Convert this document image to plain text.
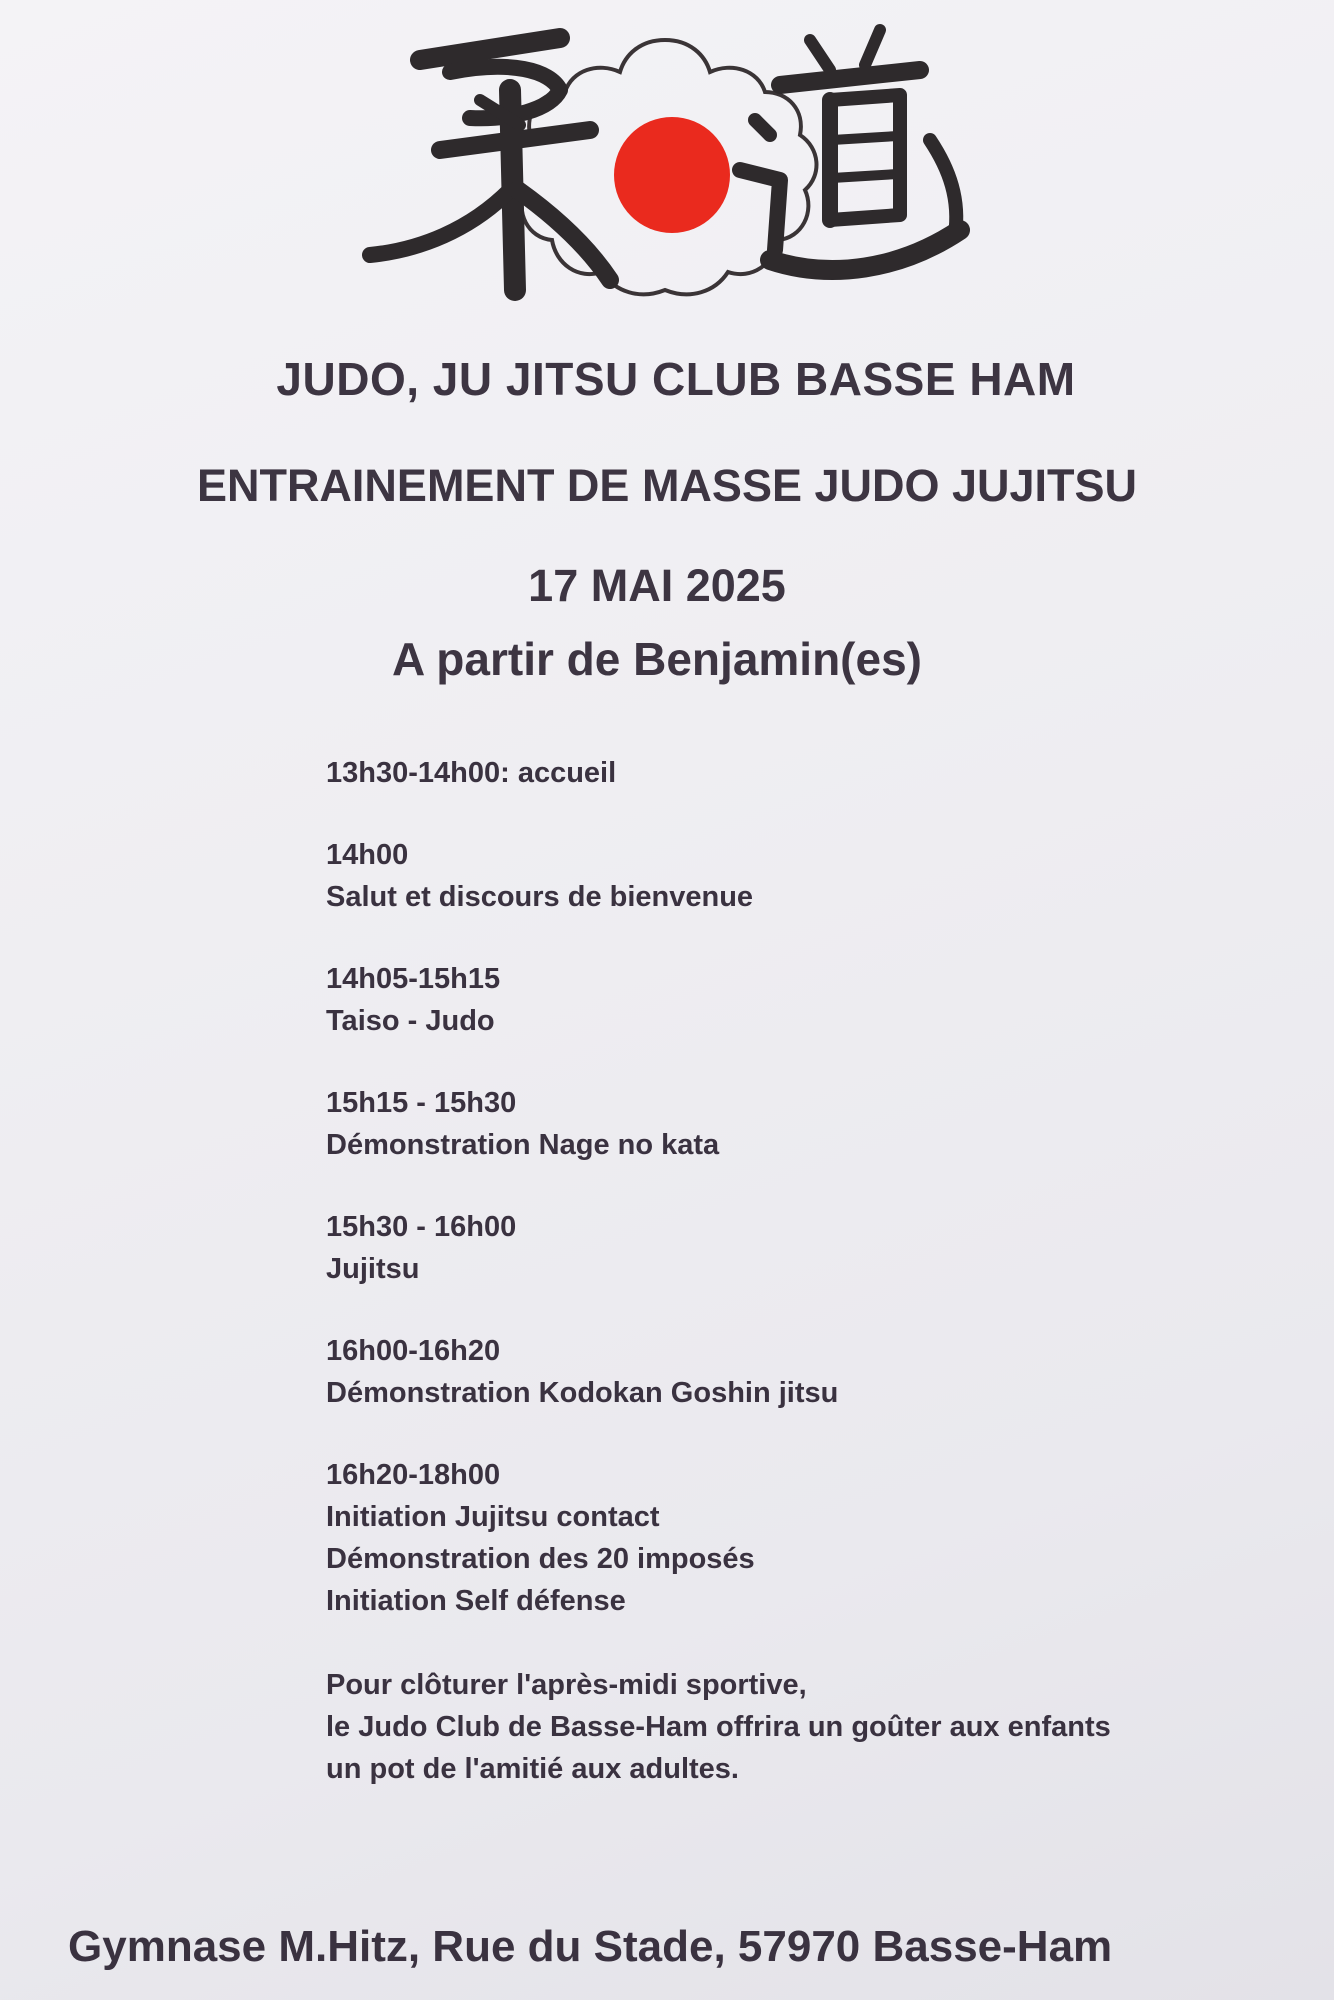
JUDO, JU JITSU CLUB BASSE HAM
ENTRAINEMENT DE MASSE JUDO JUJITSU
17 MAI 2025
A partir de Benjamin(es)
13h30-14h00: accueil
14h00
Salut et discours de bienvenue
14h05-15h15
Taiso - Judo
15h15 - 15h30
Démonstration Nage no kata
15h30 - 16h00
Jujitsu
16h00-16h20
Démonstration Kodokan Goshin jitsu
16h20-18h00
Initiation Jujitsu contact
Démonstration des 20 imposés
Initiation Self défense
Pour clôturer l'après-midi sportive,
le Judo Club de Basse-Ham offrira un goûter aux enfants
un pot de l'amitié aux adultes.
Gymnase M.Hitz, Rue du Stade, 57970 Basse-Ham
